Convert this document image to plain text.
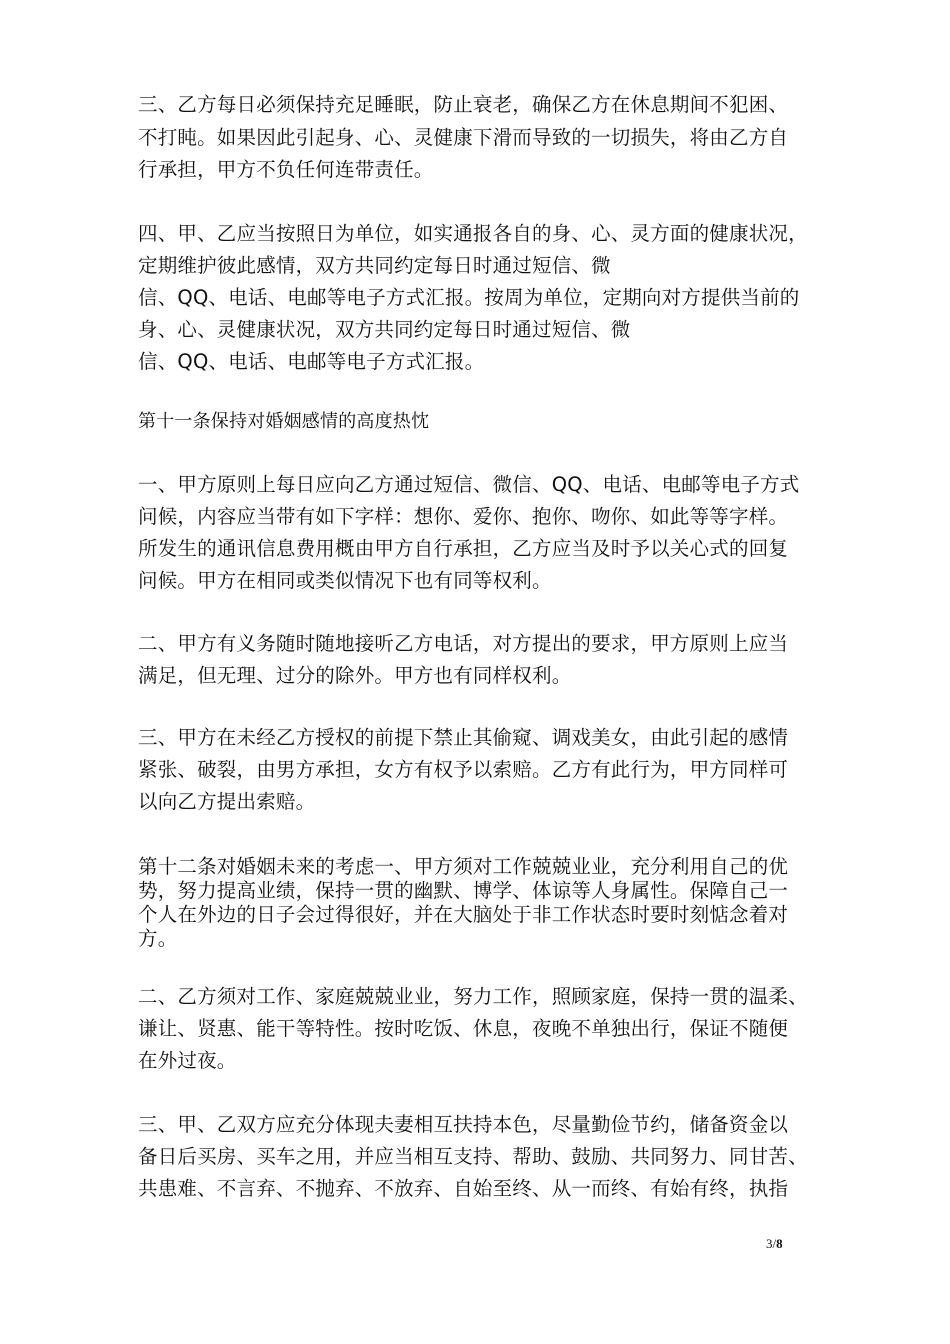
三、乙方每日必须保持充足睡眠，防止衰老，确保乙方在休息期间不犯困、
不打盹。如果因此引起身、心、灵健康下滑而导致的一切损失，将由乙方自
行承担，甲方不负任何连带责任。
四、甲、乙应当按照日为单位，如实通报各自的身、心、灵方面的健康状况，
定期维护彼此感情，双方共同约定每日时通过短信、微
信、QQ、电话、电邮等电子方式汇报。按周为单位，定期向对方提供当前的
身、心、灵健康状况，双方共同约定每日时通过短信、微
信、QQ、电话、电邮等电子方式汇报。
第十一条保持对婚姻感情的高度热忱
一、甲方原则上每日应向乙方通过短信、微信、QQ、电话、电邮等电子方式
问候，内容应当带有如下字样：想你、爱你、抱你、吻你、如此等等字样。
所发生的通讯信息费用概由甲方自行承担，乙方应当及时予以关心式的回复
问候。甲方在相同或类似情况下也有同等权利。
二、甲方有义务随时随地接听乙方电话，对方提出的要求，甲方原则上应当
满足，但无理、过分的除外。甲方也有同样权利。
三、甲方在未经乙方授权的前提下禁止其偷窥、调戏美女，由此引起的感情
紧张、破裂，由男方承担，女方有权予以索赔。乙方有此行为，甲方同样可
以向乙方提出索赔。
第十二条对婚姻未来的考虑一、甲方须对工作兢兢业业，充分利用自己的优
势，努力提高业绩，保持一贯的幽默、博学、体谅等人身属性。保障自己一
个人在外边的日子会过得很好，并在大脑处于非工作状态时要时刻惦念着对
方。
二、乙方须对工作、家庭兢兢业业，努力工作，照顾家庭，保持一贯的温柔、
谦让、贤惠、能干等特性。按时吃饭、休息，夜晚不单独出行，保证不随便
在外过夜。
三、甲、乙双方应充分体现夫妻相互扶持本色，尽量勤俭节约，储备资金以
备日后买房、买车之用，并应当相互支持、帮助、鼓励、共同努力、同甘苦、
共患难、不言弃、不抛弃、不放弃、自始至终、从一而终、有始有终，执指
3/8
